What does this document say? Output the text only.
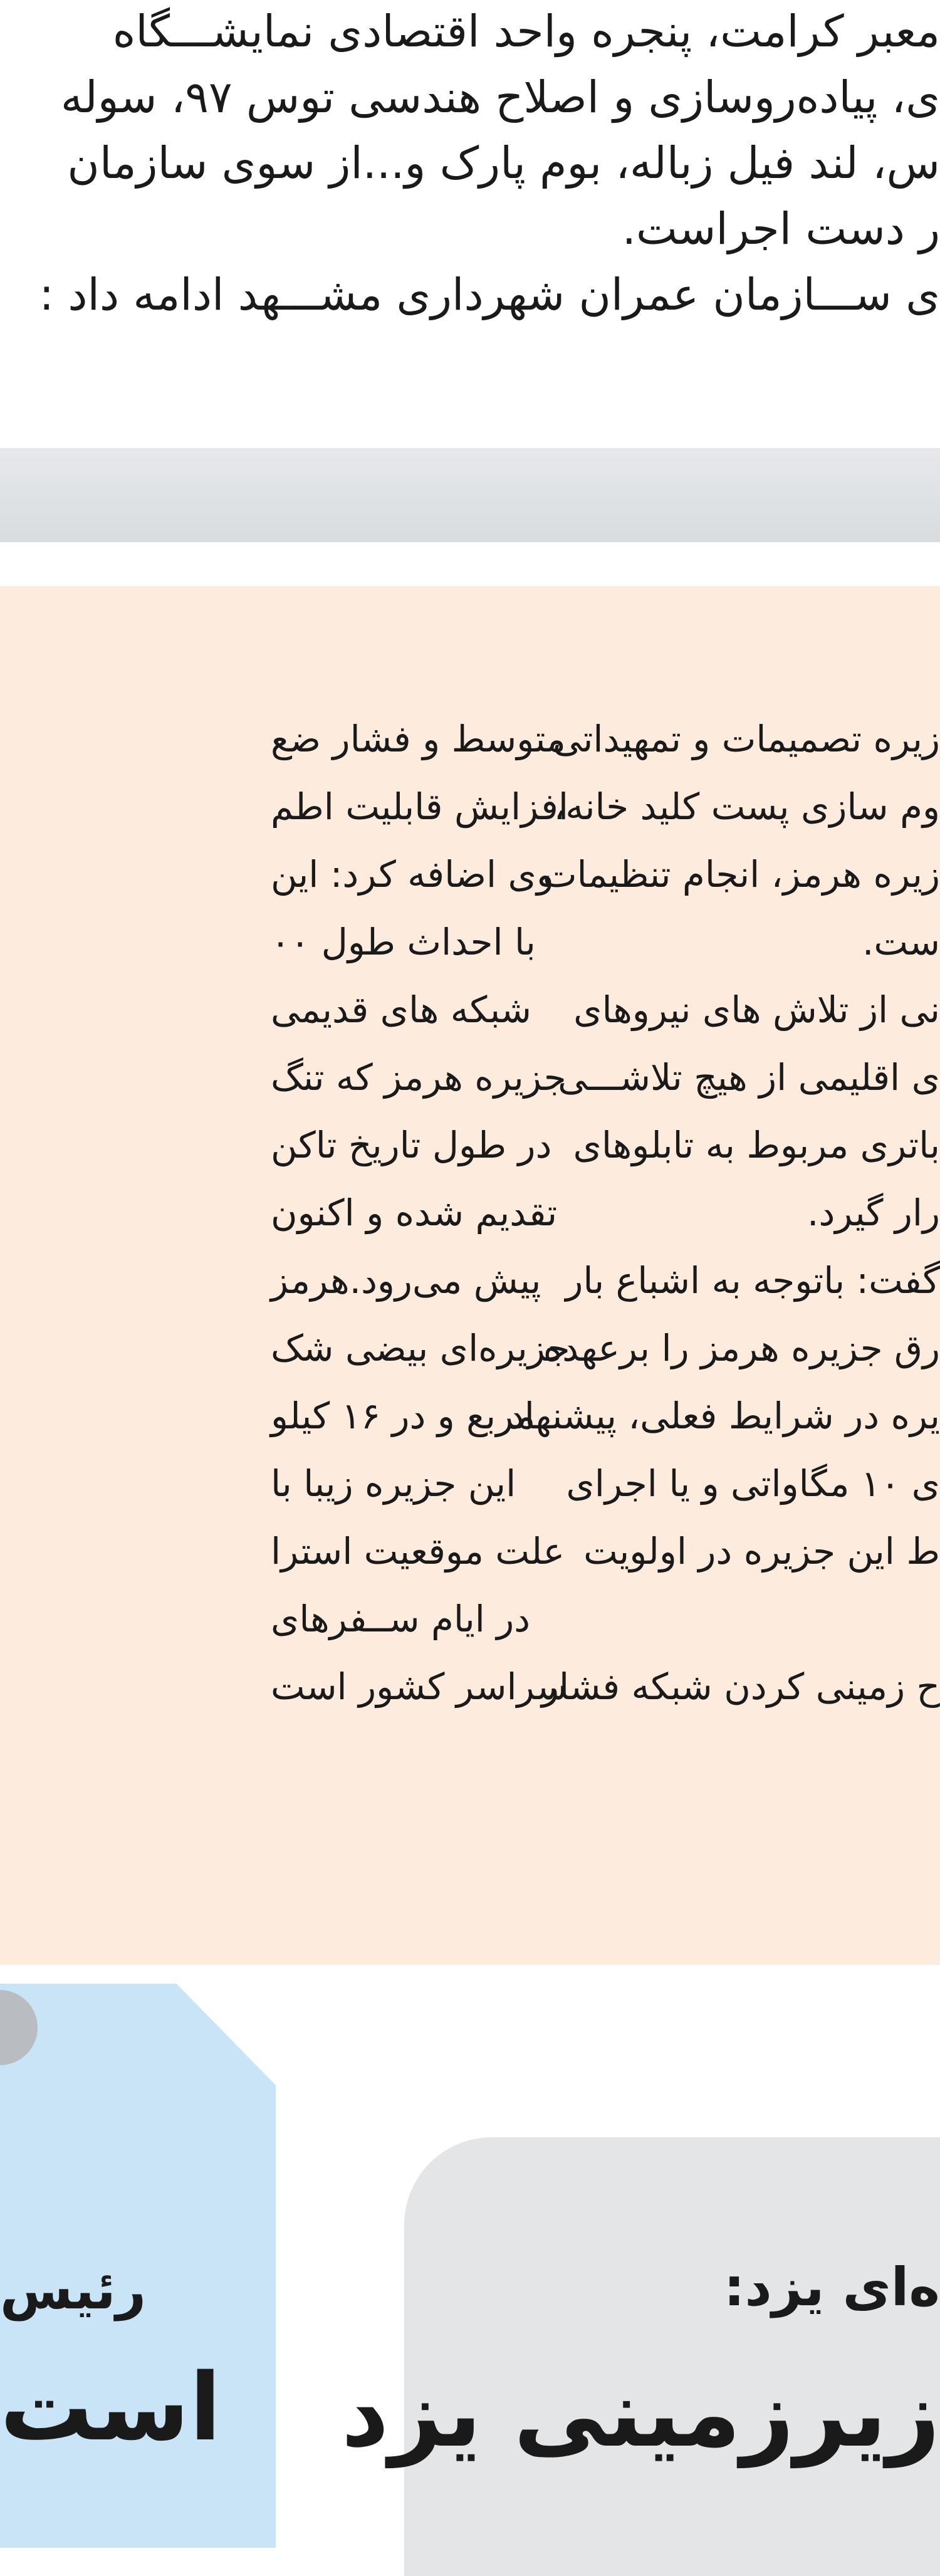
معبر کرامت، پنجره واحد اقتصادی نمایشـــگاه
ی، پیاده‌روسازی و اصلاح هندسی توس ۹۷، سوله
س، لند فیل زباله، بوم پارک و...از سوی سازمان
ر دست اجراست.
ی ســـازمان عمران شهرداری مشـــهد ادامه داد :
زیره تصمیمات و تمهیداتی
وم سازی پست کلید خانه،
زیره هرمز، انجام تنظیمات
ست.
نی از تلاش های نیروهای
ی اقلیمی از هیچ تلاشـــی
باتری مربوط به تابلوهای
رار گیرد.
گفت: باتوجه به اشباع بار
رق جزیره هرمز را برعهده
یره در شرایط فعلی، پیشنهاد
ی ۱۰ مگاواتی و یا اجرای
ط این جزیره در اولویت
ح زمینی کردن شبکه فشار
متوسط و فشار ضع
افزایش قابلیت اطم
وی اضافه کرد: این
با احداث طول ۰۰
شبکه های قدیمی
جزیره هرمز که تنگ
در طول تاریخ تاکن
تقدیم شده و اکنون
پیش می‌رود.هرمز
جزیره‌ای بیضی شک
مربع و در ۱۶ کیلو
این جزیره زیبا با
علت موقعیت استرا
در ایام ســفرهای
سراسر کشور است
رئیس
است
ه‌ای یزد:
زیرزمینی یزد
